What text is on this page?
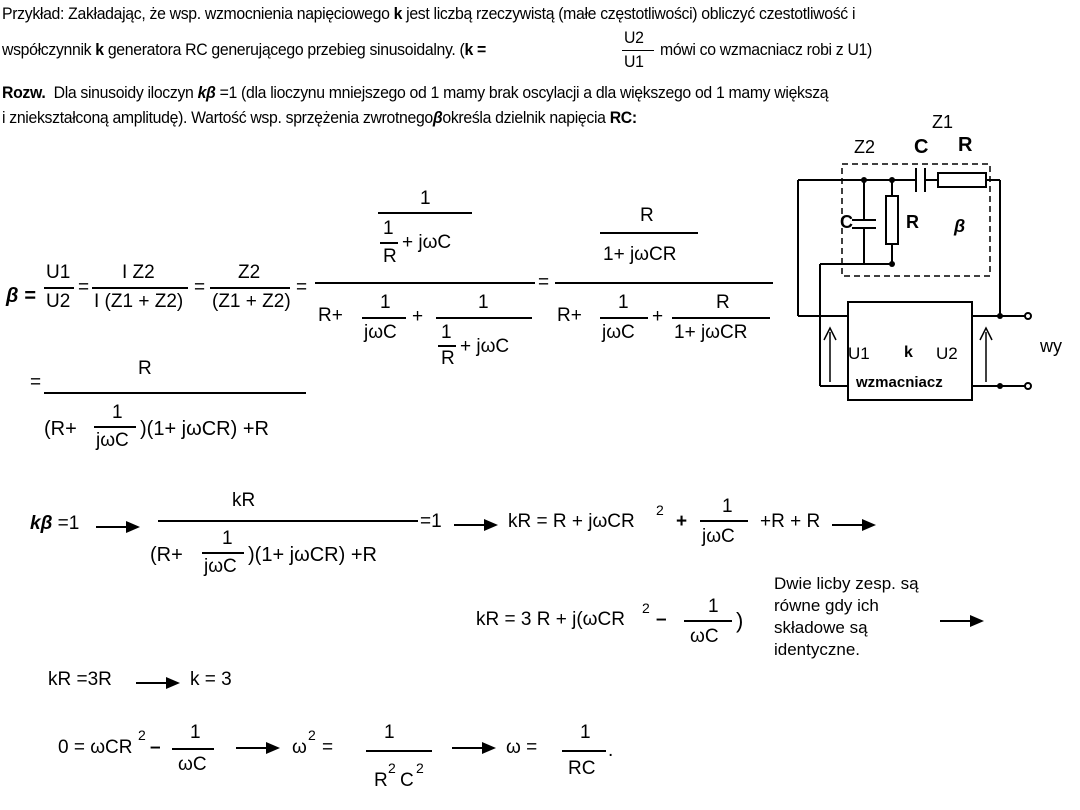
Przykład: Zakładając, że wsp. wzmocnienia napięciowego k jest liczbą rzeczywistą (małe częstotliwości) obliczyć czestotliwość i
współczynnik k generatora RC generującego przebieg sinusoidalny. (k =
U2
U1
mówi co wzmacniacz robi z U1)
Rozw. Dla sinusoidy iloczyn kβ =1 (dla lioczynu mniejszego od 1 mamy brak oscylacji a dla większego od 1 mamy większą
i zniekształconą amplitudę). Wartość wsp. sprzężenia zwrotnegoβokreśla dzielnik napięcia RC:
β =
U1
U2
=
I Z2
I (Z1 + Z2)
=
Z2
(Z1 + Z2)
=
1
1
R
+ jωC
R+
1
jωC
+
1
1
R
+ jωC
=
R
1+ jωCR
R+
1
jωC
+
R
1+ jωCR
=
R
(R+
1
jωC
)(1+ jωCR) +R
kβ =1
kR
(R+
1
jωC
)(1+ jωCR) +R
=1	kR = R + jωCR
2
+
1
jωC
+R + R
kR = 3 R + j(ωCR
2
–
1
ωC
)
Dwie licby zesp. są równe gdy ich składowe są identyczne.
kR =3R	k = 3
0 = ωCR
2
–
1
ωC
ω
2
=
1
R
2
C
2
ω =
1
RC
.
Z2
Z1
C R
C	R β
U1 k U2	wy
wzmacniacz
